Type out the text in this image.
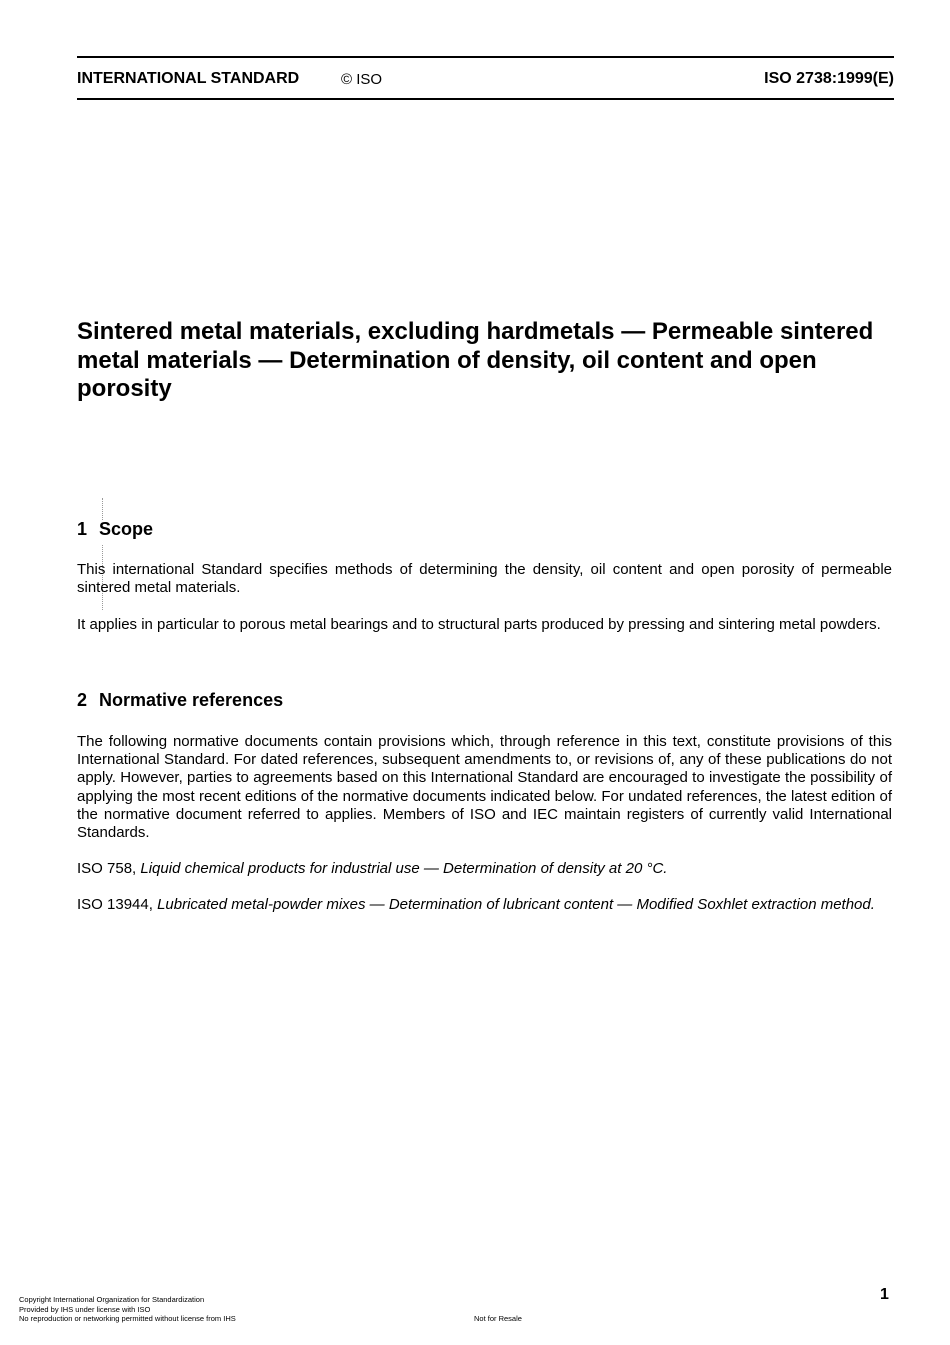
INTERNATIONAL STANDARD	© ISO	ISO 2738:1999(E)
Sintered metal materials, excluding hardmetals — Permeable sintered metal materials — Determination of density, oil content and open porosity
1 Scope
This international Standard specifies methods of determining the density, oil content and open porosity of permeable sintered metal materials.
It applies in particular to porous metal bearings and to structural parts produced by pressing and sintering metal powders.
2 Normative references
The following normative documents contain provisions which, through reference in this text, constitute provisions of this International Standard. For dated references, subsequent amendments to, or revisions of, any of these publications do not apply. However, parties to agreements based on this International Standard are encouraged to investigate the possibility of applying the most recent editions of the normative documents indicated below. For undated references, the latest edition of the normative document referred to applies. Members of ISO and IEC maintain registers of currently valid International Standards.
ISO 758, Liquid chemical products for industrial use — Determination of density at 20 °C.
ISO 13944, Lubricated metal-powder mixes — Determination of lubricant content — Modified Soxhlet extraction method.
1
Copyright International Organization for Standardization
Provided by IHS under license with ISO
No reproduction or networking permitted without license from IHS	Not for Resale
